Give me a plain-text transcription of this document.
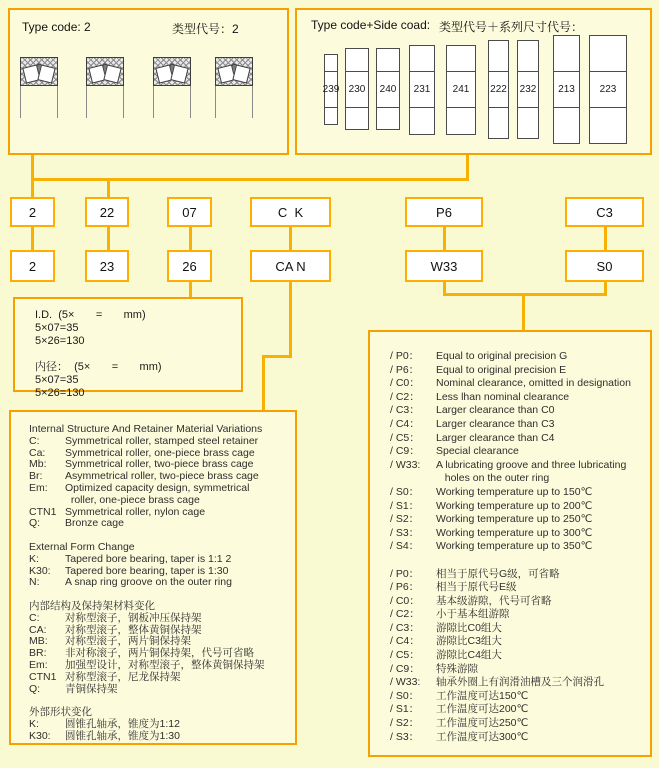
Type code: 2	类型代号：2	Type code+Side coad: 类型代号＋系列尺寸代号：
239 230 240 231 241 222 232 213 223
2	22	07	C  K	P6	C3
2	23	26	CA N	W33	S0
I.D.  (5×       =       mm)
5×07=35
5×26=130

内径：  (5×       =       mm)
5×07=35
5×26=130
Internal Structure And Retainer Material Variations
C:	Symmetrical roller, stamped steel retainer
Ca:	Symmetrical roller, one-piece brass cage
Mb:	Symmetrical roller, two-piece brass cage
Br:	Asymmetrical roller, two-piece brass cage
Em:	Optimized capacity design, symmetrical

roller, one-piece brass cage
CTN1 Symmetrical roller, nylon cage
Q:	Bronze cage

External Form Change
K:	Tapered bore bearing, taper is 1:1 2
K30:	Tapered bore bearing, taper is 1:30
N:	A snap ring groove on the outer ring

内部结构及保持架材料变化
C:	对称型滚子，钢板冲压保持架
CA:	对称型滚子，整体黄铜保持架
MB:	对称型滚子，两片铜保持架
BR:	非对称滚子，两片铜保持架，代号可省略
Em:	加强型设计，对称型滚子，整体黄铜保持架
CTN1 对称型滚子，尼龙保持架
Q:	青铜保持架

外部形状变化
K:	圆锥孔轴承，锥度为1:12
K30:	圆锥孔轴承，锥度为1:30
/ P0：	Equal to original precision G
/ P6：	Equal to original precision E
/ C0：	Nominal clearance, omitted in designation
/ C2：	Less lhan nominal clearance
/ C3：	Larger clearance than C0
/ C4：	Larger clearance than C3
/ C5：	Larger clearance than C4
/ C9：	Special clearance
/ W33:	A lubricating groove and three lubricating

holes on the outer ring
/ S0：	Working temperature up to 150℃
/ S1：	Working temperature up to 200℃
/ S2：	Working temperature up to 250℃
/ S3：	Working temperature up to 300℃
/ S4：	Working temperature up to 350℃

/ P0：	相当于原代号G级，可省略
/ P6：	相当于原代号E级
/ C0：	基本级游隙，代号可省略
/ C2：	小于基本组游隙
/ C3：	游隙比C0组大
/ C4：	游隙比C3组大
/ C5：	游隙比C4组大
/ C9：	特殊游隙
/ W33:	轴承外圈上有润滑油槽及三个润滑孔
/ S0：	工作温度可达150℃
/ S1：	工作温度可达200℃
/ S2：	工作温度可达250℃
/ S3：	工作温度可达300℃
